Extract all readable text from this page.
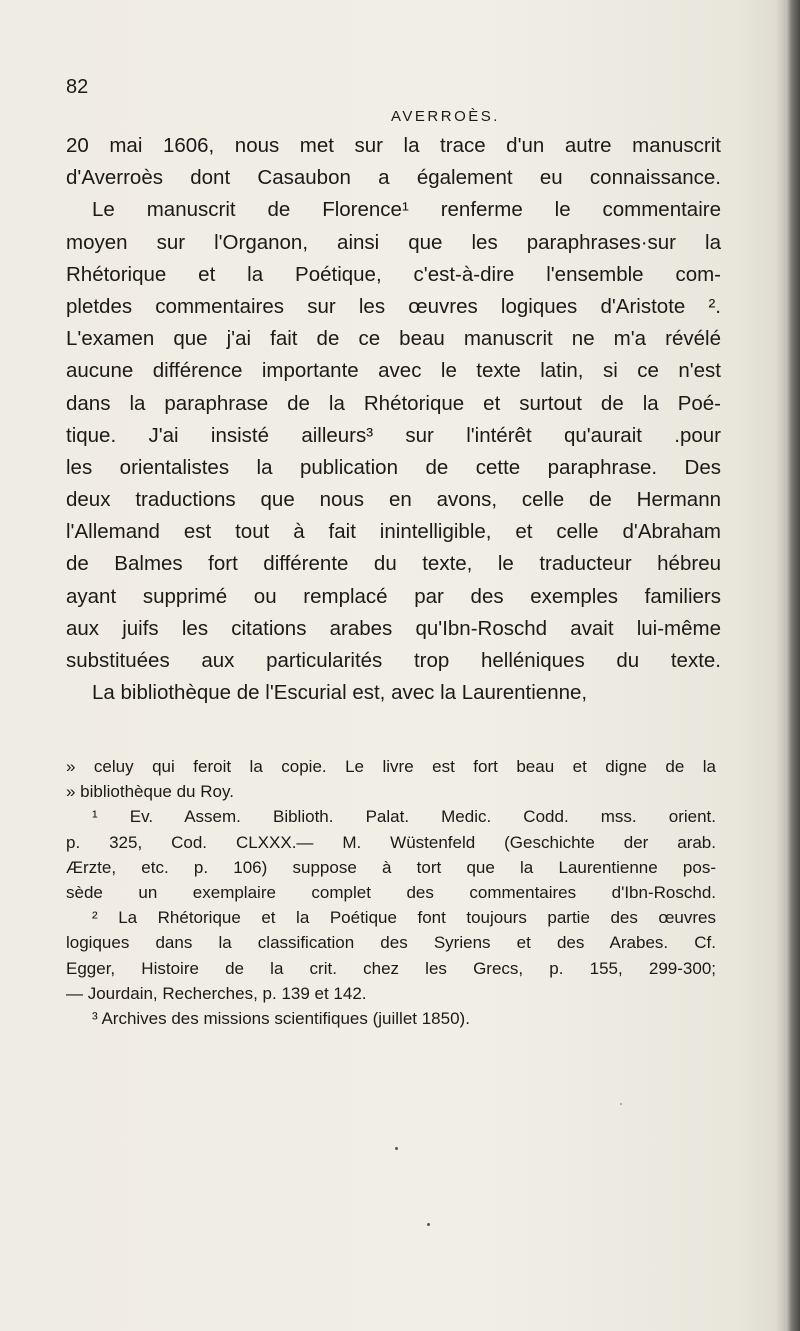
82
AVERROÈS.
20 mai 1606, nous met sur la trace d'un autre manuscrit
d'Averroès dont Casaubon a également eu connaissance.
Le manuscrit de Florence¹ renferme le commentaire
moyen sur l'Organon, ainsi que les paraphrases·sur la
Rhétorique et la Poétique, c'est-à-dire l'ensemble com-
pletdes commentaires sur les œuvres logiques d'Aristote ².
L'examen que j'ai fait de ce beau manuscrit ne m'a révélé
aucune différence importante avec le texte latin, si ce n'est
dans la paraphrase de la Rhétorique et surtout de la Poé-
tique. J'ai insisté ailleurs³ sur l'intérêt qu'aurait .pour
les orientalistes la publication de cette paraphrase. Des
deux traductions que nous en avons, celle de Hermann
l'Allemand est tout à fait inintelligible, et celle d'Abraham
de Balmes fort différente du texte, le traducteur hébreu
ayant supprimé ou remplacé par des exemples familiers
aux juifs les citations arabes qu'Ibn-Roschd avait lui-même
substituées aux particularités trop helléniques du texte.
La bibliothèque de l'Escurial est, avec la Laurentienne,
» celuy qui feroit la copie. Le livre est fort beau et digne de la
» bibliothèque du Roy.
¹ Ev. Assem. Biblioth. Palat. Medic. Codd. mss. orient.
p. 325, Cod. CLXXX.— M. Wüstenfeld (Geschichte der arab.
Ærzte, etc. p. 106) suppose à tort que la Laurentienne pos-
sède un exemplaire complet des commentaires d'Ibn-Roschd.
² La Rhétorique et la Poétique font toujours partie des œuvres
logiques dans la classification des Syriens et des Arabes. Cf.
Egger, Histoire de la crit. chez les Grecs, p. 155, 299-300;
— Jourdain, Recherches, p. 139 et 142.
³ Archives des missions scientifiques (juillet 1850).
